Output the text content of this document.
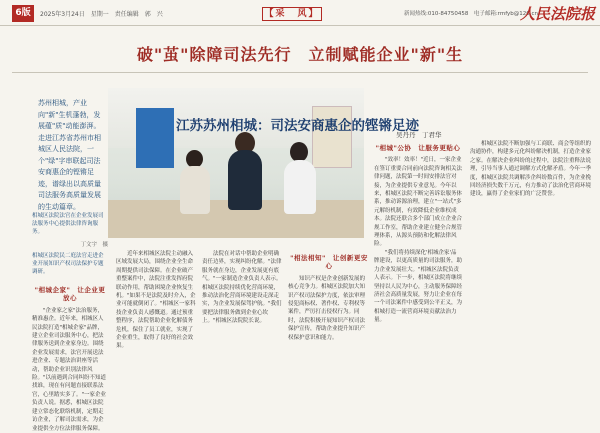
6版	2025年3月24日　星期一　责任编辑　郭　兴	【采　风】	新闻热线:010-84750458　电子邮箱:rmfyb@126.cn
人民法院报
破"茧"除障司法先行　立制赋能企业"新"生
苏州相城，产业向"新"生机蓬勃，发展蕴"质"动能澎湃。走进江苏省苏州市相城区人民法院，一个"绿"字串联起司法安商惠企的铿锵足迹，谱绿出以高质量司法服务高质量发展的生动篇章。
江苏苏州相城：司法安商惠企的铿锵足迹
吴丹丹　丁君华
相城区法院法官在企业发展司法服务中心提供法律咨询服务。
丁文宇　摄
相城区法院民二庭法官走进企业开展知识产权司法保护专题调研。
"相城企家"　让企业更放心

"企业家之家"法治服务，精准惠企。近年来，相城区人民法院打造"相城企家"品牌，建立企业司法服务中心，把法律服务送到企业家身边。围绕企业发展需求，法官开展送法进企业、专题法治讲座等活动，帮助企业识别法律风险。"以前遇到合同纠纷不知道找谁，现在有问题直接联系法官，心里踏实多了。"一家企业负责人说。据悉，相城区法院建立常态化联络机制，定期走访企业，了解司法需求，为企业提供全方位法律服务保障。

近年来相城区法院主动融入区域发展大局，围绕企业全生命周期提供司法保障。在企业破产重整案件中，法院注重发挥府院联动作用，帮助困境企业恢复生机。"如果不是法院及时介入，企业可能就倒闭了。"相城区一家科技企业负责人感慨道。通过预重整程序，法院帮助企业化解债务危机，保住了员工就业，实现了企业重生，取得了良好的社会效果。

法院在对话中帮助企业明确责任边界，实现纠纷化解。"法律服务就在身边，企业发展更有底气。"一家制造企业负责人表示。相城区法院持续优化营商环境，推动法治化营商环境建设走深走实，为企业发展保驾护航。"我们要把法律服务做到企业心坎上。"相城区法院院长说。

"相法相知"　让创新更安心

知识产权是企业创新发展的核心竞争力。相城区法院加大知识产权司法保护力度，依法审理侵犯商标权、著作权、专利权等案件，严厉打击侵权行为。同时，法院积极开展知识产权司法保护宣传，帮助企业提升知识产权保护意识和能力。

"相城"公协　让服务更贴心

"效率！效率！"近日，一家企业在签订重要合同前向法院咨询相关法律问题，法院第一时间安排法官对接，为企业提供专业意见。今年以来，相城区法院不断完善诉讼服务体系，推动诉源治理，建立"一站式"多元解纷机制，有效降低企业维权成本。法院还联合多个部门成立企业合规工作室，帮助企业建立健全合规管理体系，从源头预防和化解法律风险。

"我们将持续深化'相城企家'品牌建设，以更高质量的司法服务，助力企业发展壮大。"相城区法院负责人表示。下一步，相城区法院将继续坚持以人民为中心，主动服务保障经济社会高质量发展，努力让企业在每一个司法案件中感受到公平正义，为相城打造一流营商环境贡献法治力量。

相城区法院不断加强与工商联、商会等组织的沟通协作，构建多元化纠纷解决机制，打造企业家之家。在解决企业纠纷的过程中，法院注重释法说理，引导当事人通过调解方式化解矛盾。今年一季度，相城区法院共调解涉企纠纷数百件，为企业挽回经济损失数千万元，有力推动了法治化营商环境建设，赢得了企业家们的广泛赞誉。
